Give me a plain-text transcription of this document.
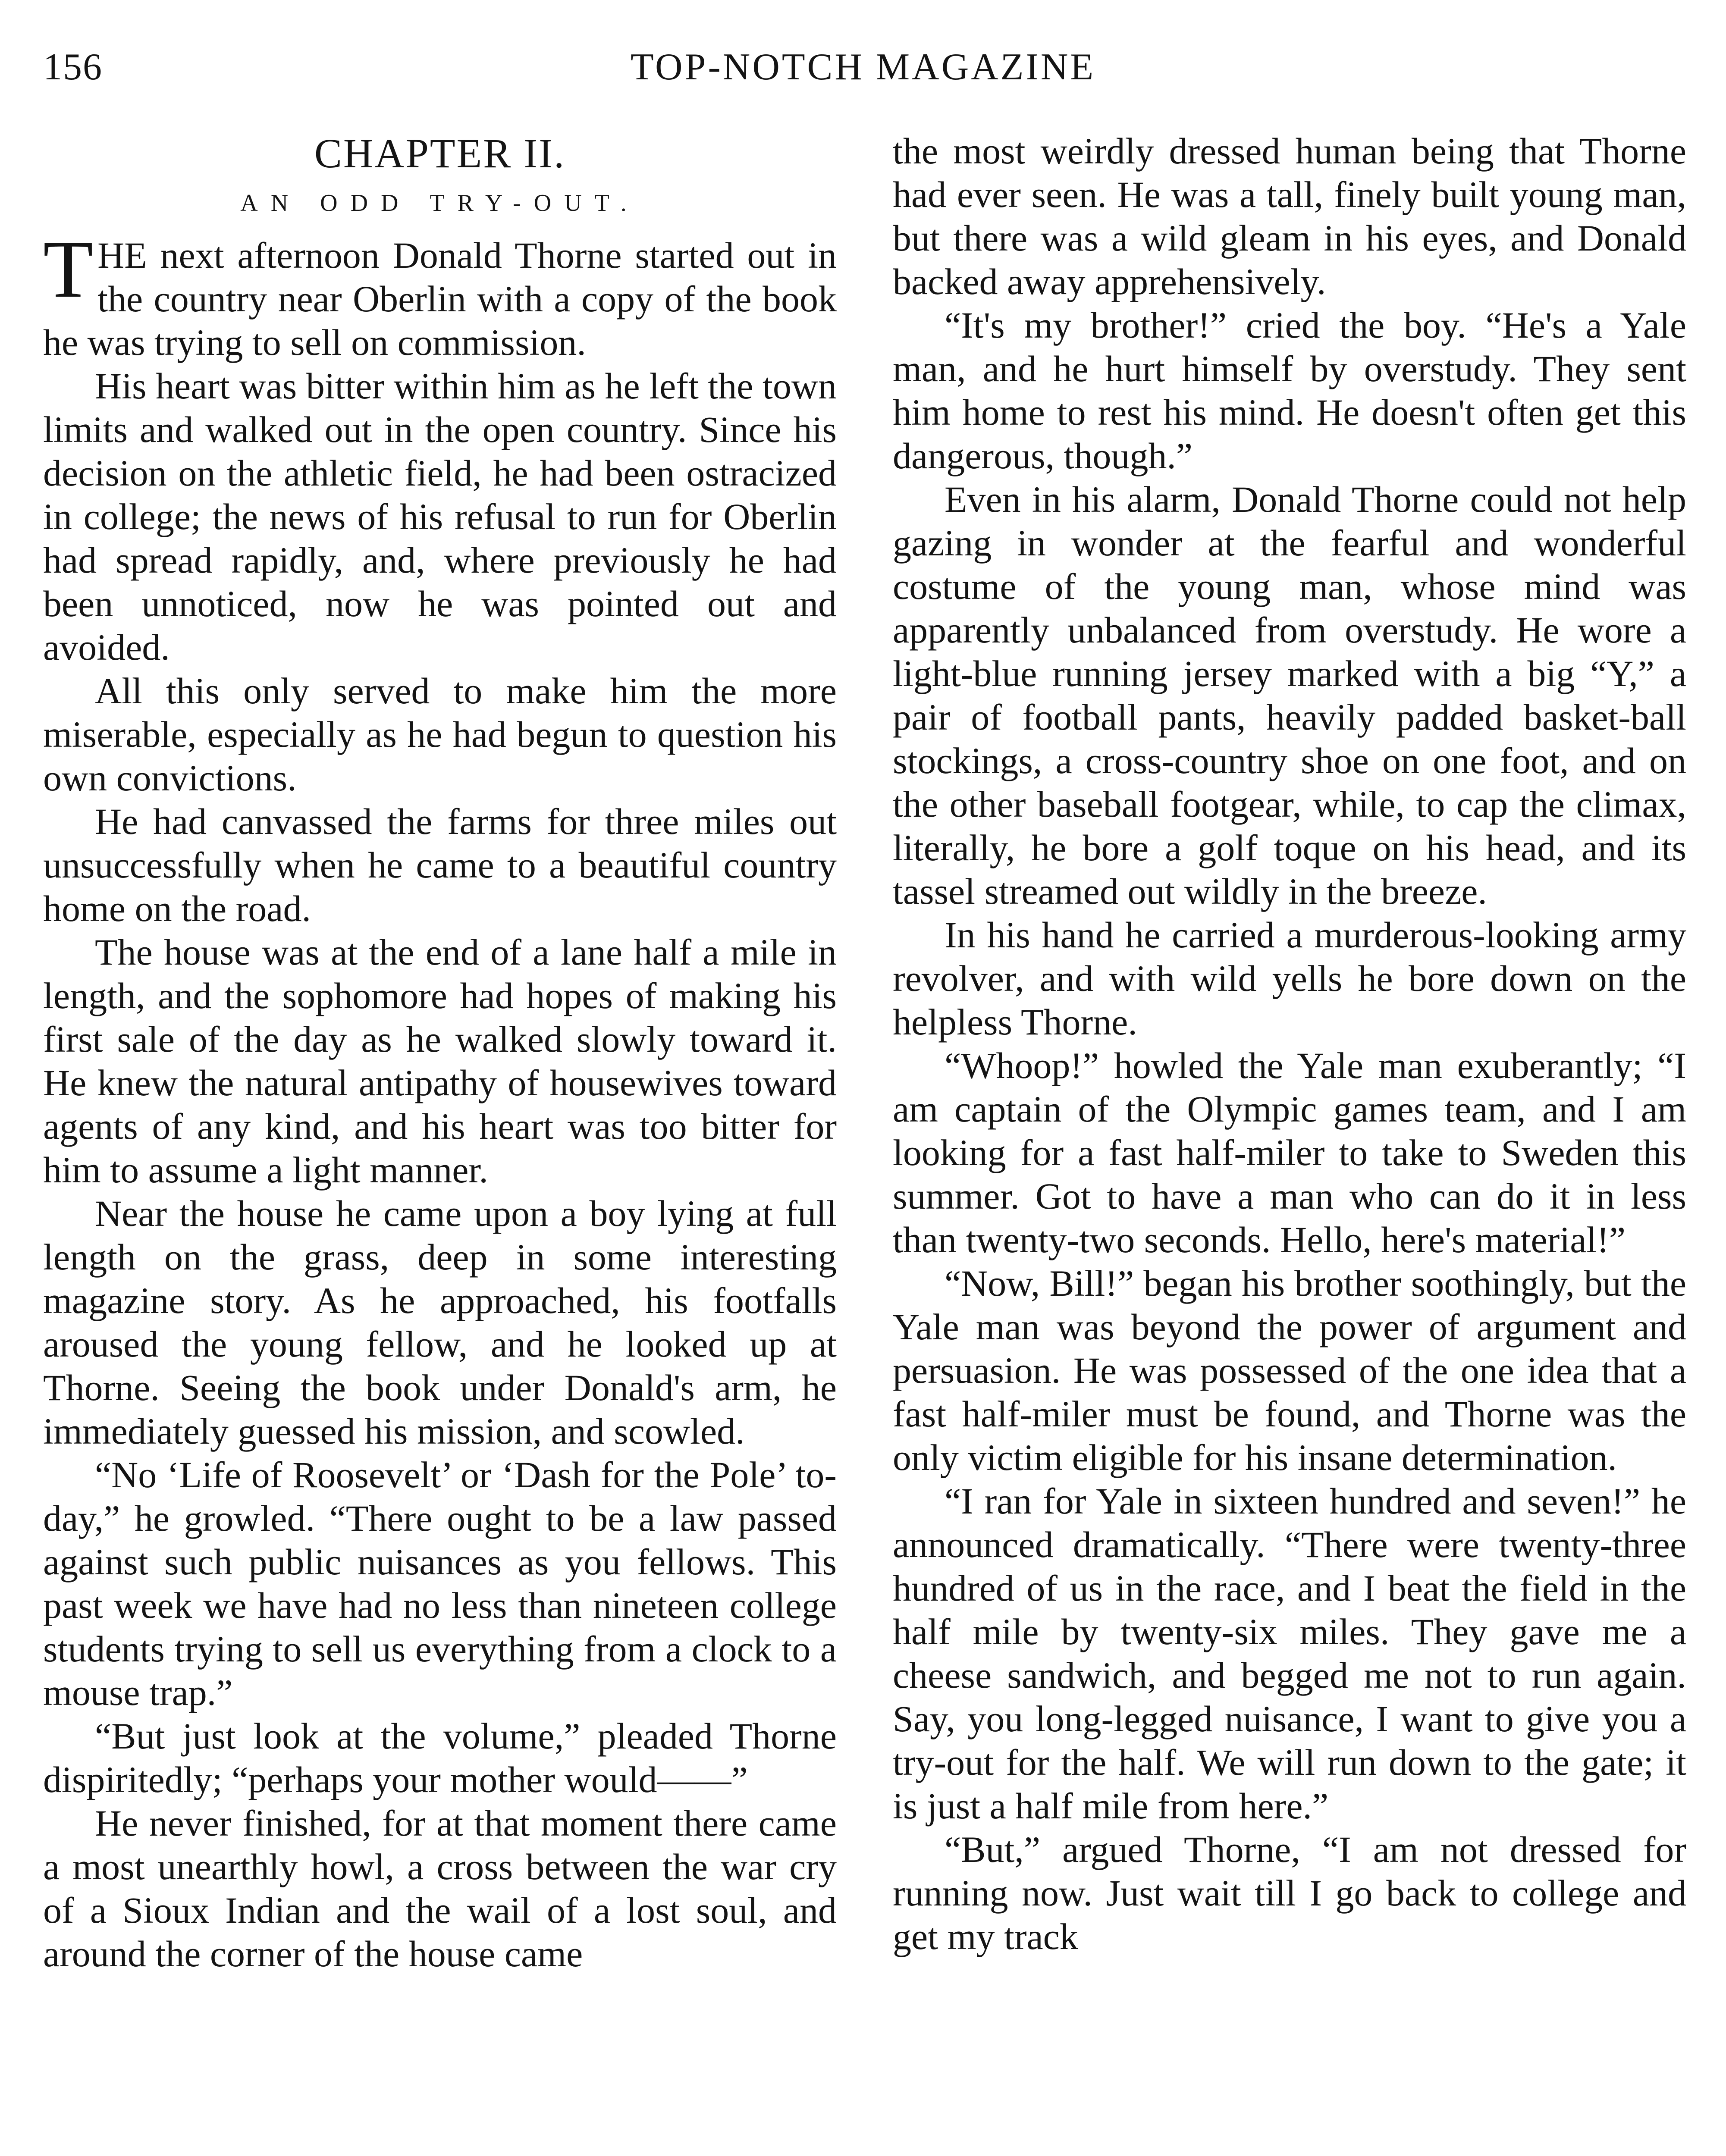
156	TOP-NOTCH MAGAZINE
CHAPTER II.
AN ODD TRY-OUT.

THE next afternoon Donald Thorne started out in the country near Oberlin with a copy of the book he was trying to sell on commission.

His heart was bitter within him as he left the town limits and walked out in the open country. Since his decision on the athletic field, he had been ostracized in college; the news of his refusal to run for Oberlin had spread rapidly, and, where previously he had been unnoticed, now he was pointed out and avoided.

All this only served to make him the more miserable, especially as he had begun to question his own convictions.

He had canvassed the farms for three miles out unsuccessfully when he came to a beautiful country home on the road.

The house was at the end of a lane half a mile in length, and the sophomore had hopes of making his first sale of the day as he walked slowly toward it. He knew the natural antipathy of housewives toward agents of any kind, and his heart was too bitter for him to assume a light manner.

Near the house he came upon a boy lying at full length on the grass, deep in some interesting magazine story. As he approached, his footfalls aroused the young fellow, and he looked up at Thorne. Seeing the book under Donald's arm, he immediately guessed his mission, and scowled.

“No ‘Life of Roosevelt’ or ‘Dash for the Pole’ to-day,” he growled. “There ought to be a law passed against such public nuisances as you fellows. This past week we have had no less than nineteen college students trying to sell us everything from a clock to a mouse trap.”

“But just look at the volume,” pleaded Thorne dispiritedly; “perhaps your mother would——”

He never finished, for at that moment there came a most unearthly howl, a cross between the war cry of a Sioux Indian and the wail of a lost soul, and around the corner of the house came

the most weirdly dressed human being that Thorne had ever seen. He was a tall, finely built young man, but there was a wild gleam in his eyes, and Donald backed away apprehensively.

“It's my brother!” cried the boy. “He's a Yale man, and he hurt himself by overstudy. They sent him home to rest his mind. He doesn't often get this dangerous, though.”

Even in his alarm, Donald Thorne could not help gazing in wonder at the fearful and wonderful costume of the young man, whose mind was apparently unbalanced from overstudy. He wore a light-blue running jersey marked with a big “Y,” a pair of football pants, heavily padded basket-ball stockings, a cross-country shoe on one foot, and on the other baseball footgear, while, to cap the climax, literally, he bore a golf toque on his head, and its tassel streamed out wildly in the breeze.

In his hand he carried a murderous-looking army revolver, and with wild yells he bore down on the helpless Thorne.

“Whoop!” howled the Yale man exuberantly; “I am captain of the Olympic games team, and I am looking for a fast half-miler to take to Sweden this summer. Got to have a man who can do it in less than twenty-two seconds. Hello, here's material!”

“Now, Bill!” began his brother soothingly, but the Yale man was beyond the power of argument and persuasion. He was possessed of the one idea that a fast half-miler must be found, and Thorne was the only victim eligible for his insane determination.

“I ran for Yale in sixteen hundred and seven!” he announced dramatically. “There were twenty-three hundred of us in the race, and I beat the field in the half mile by twenty-six miles. They gave me a cheese sandwich, and begged me not to run again. Say, you long-legged nuisance, I want to give you a try-out for the half. We will run down to the gate; it is just a half mile from here.”

“But,” argued Thorne, “I am not dressed for running now. Just wait till I go back to college and get my track
